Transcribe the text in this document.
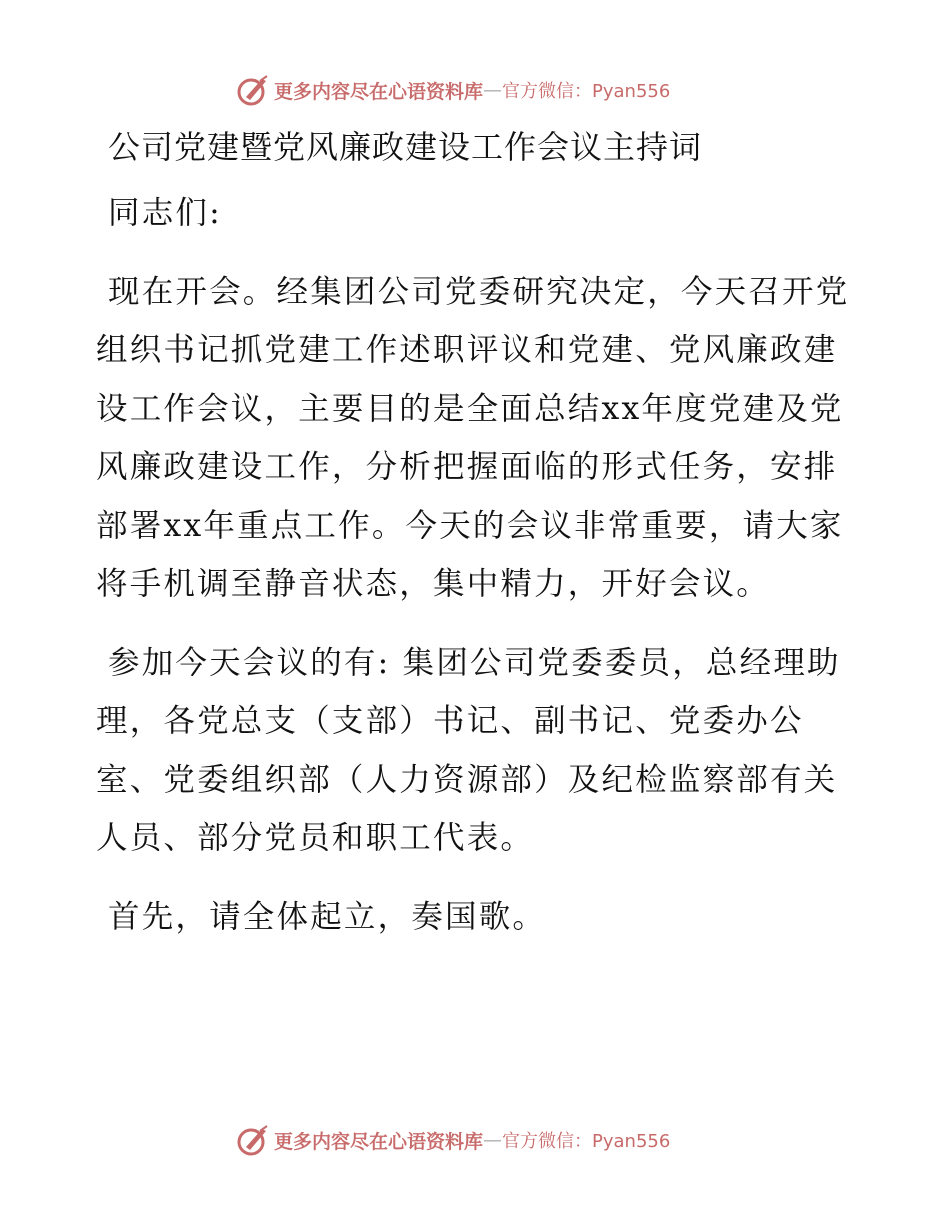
更多内容尽在心语资料库 — 官方微信：Pyan556
公司党建暨党风廉政建设工作会议主持词

同志们:

现在开会。经集团公司党委研究决定，今天召开党组织书记抓党建工作述职评议和党建、党风廉政建设工作会议，主要目的是全面总结xx年度党建及党风廉政建设工作，分析把握面临的形式任务，安排部署xx年重点工作。今天的会议非常重要，请大家将手机调至静音状态，集中精力，开好会议。

参加今天会议的有: 集团公司党委委员，总经理助理，各党总支（支部）书记、副书记、党委办公室、党委组织部（人力资源部）及纪检监察部有关人员、部分党员和职工代表。

首先，请全体起立，奏国歌。

更多内容尽在心语资料库 — 官方微信：Pyan556
